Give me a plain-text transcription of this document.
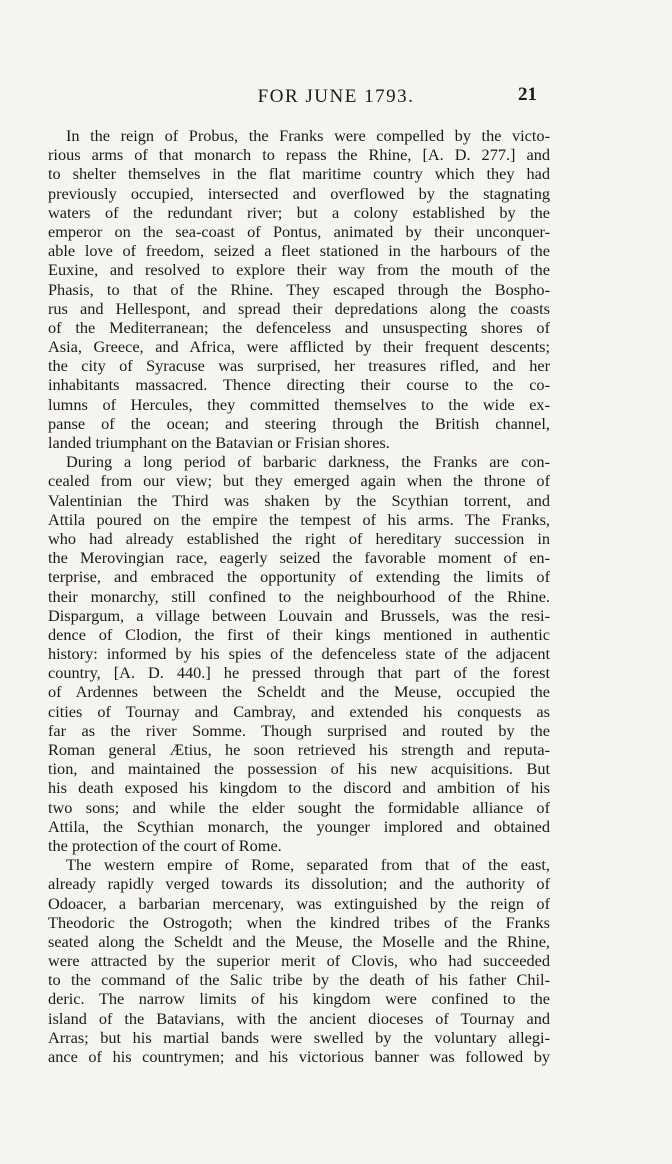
FOR JUNE 1793.	21
In the reign of Probus, the Franks were compelled by the victo-
rious arms of that monarch to repass the Rhine, [A. D. 277.] and
to shelter themselves in the flat maritime country which they had
previously occupied, intersected and overflowed by the stagnating
waters of the redundant river; but a colony established by the
emperor on the sea-coast of Pontus, animated by their unconquer-
able love of freedom, seized a fleet stationed in the harbours of the
Euxine, and resolved to explore their way from the mouth of the
Phasis, to that of the Rhine. They escaped through the Bospho-
rus and Hellespont, and spread their depredations along the coasts
of the Mediterranean; the defenceless and unsuspecting shores of
Asia, Greece, and Africa, were afflicted by their frequent descents;
the city of Syracuse was surprised, her treasures rifled, and her
inhabitants massacred. Thence directing their course to the co-
lumns of Hercules, they committed themselves to the wide ex-
panse of the ocean; and steering through the British channel,
landed triumphant on the Batavian or Frisian shores.
During a long period of barbaric darkness, the Franks are con-
cealed from our view; but they emerged again when the throne of
Valentinian the Third was shaken by the Scythian torrent, and
Attila poured on the empire the tempest of his arms. The Franks,
who had already established the right of hereditary succession in
the Merovingian race, eagerly seized the favorable moment of en-
terprise, and embraced the opportunity of extending the limits of
their monarchy, still confined to the neighbourhood of the Rhine.
Dispargum, a village between Louvain and Brussels, was the resi-
dence of Clodion, the first of their kings mentioned in authentic
history: informed by his spies of the defenceless state of the adjacent
country, [A. D. 440.] he pressed through that part of the forest
of Ardennes between the Scheldt and the Meuse, occupied the
cities of Tournay and Cambray, and extended his conquests as
far as the river Somme. Though surprised and routed by the
Roman general Ætius, he soon retrieved his strength and reputa-
tion, and maintained the possession of his new acquisitions. But
his death exposed his kingdom to the discord and ambition of his
two sons; and while the elder sought the formidable alliance of
Attila, the Scythian monarch, the younger implored and obtained
the protection of the court of Rome.
The western empire of Rome, separated from that of the east,
already rapidly verged towards its dissolution; and the authority of
Odoacer, a barbarian mercenary, was extinguished by the reign of
Theodoric the Ostrogoth; when the kindred tribes of the Franks
seated along the Scheldt and the Meuse, the Moselle and the Rhine,
were attracted by the superior merit of Clovis, who had succeeded
to the command of the Salic tribe by the death of his father Chil-
deric. The narrow limits of his kingdom were confined to the
island of the Batavians, with the ancient dioceses of Tournay and
Arras; but his martial bands were swelled by the voluntary allegi-
ance of his countrymen; and his victorious banner was followed by
